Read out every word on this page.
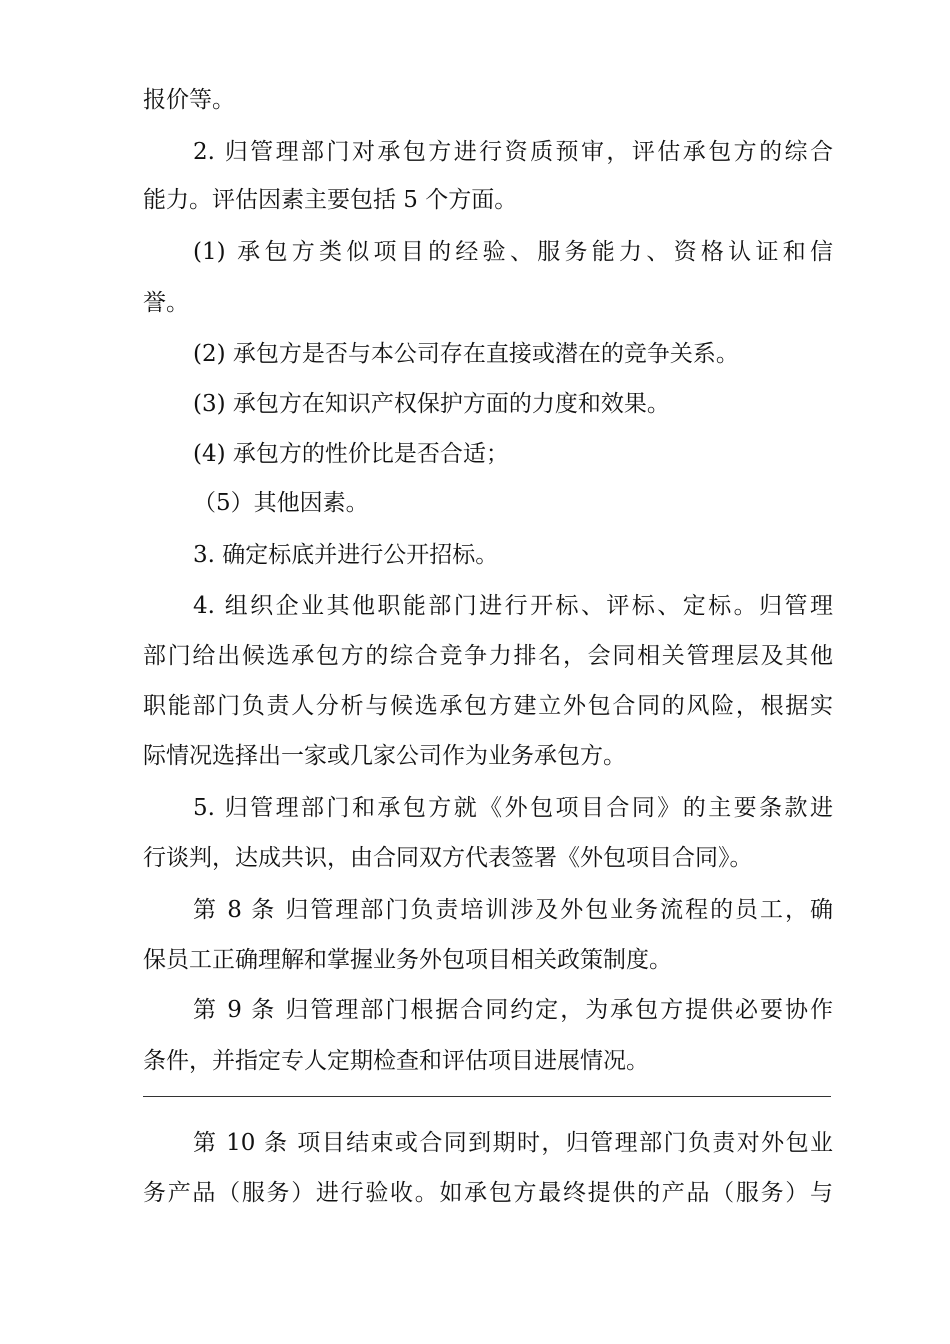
报价等。
2. 归管理部门对承包方进行资质预审，评估承包方的综合
能力。评估因素主要包括 5 个方面。
(1) 承包方类似项目的经验、服务能力、资格认证和信
誉。
(2) 承包方是否与本公司存在直接或潜在的竞争关系。
(3) 承包方在知识产权保护方面的力度和效果。
(4) 承包方的性价比是否合适；
（5）其他因素。
3. 确定标底并进行公开招标。
4. 组织企业其他职能部门进行开标、评标、定标。归管理
部门给出候选承包方的综合竞争力排名，会同相关管理层及其他
职能部门负责人分析与候选承包方建立外包合同的风险，根据实
际情况选择出一家或几家公司作为业务承包方。
5. 归管理部门和承包方就《外包项目合同》的主要条款进
行谈判，达成共识，由合同双方代表签署《外包项目合同》。
第 8 条 归管理部门负责培训涉及外包业务流程的员工，确
保员工正确理解和掌握业务外包项目相关政策制度。
第 9 条 归管理部门根据合同约定，为承包方提供必要协作
条件，并指定专人定期检查和评估项目进展情况。
第 10 条 项目结束或合同到期时，归管理部门负责对外包业
务产品（服务）进行验收。如承包方最终提供的产品（服务）与
